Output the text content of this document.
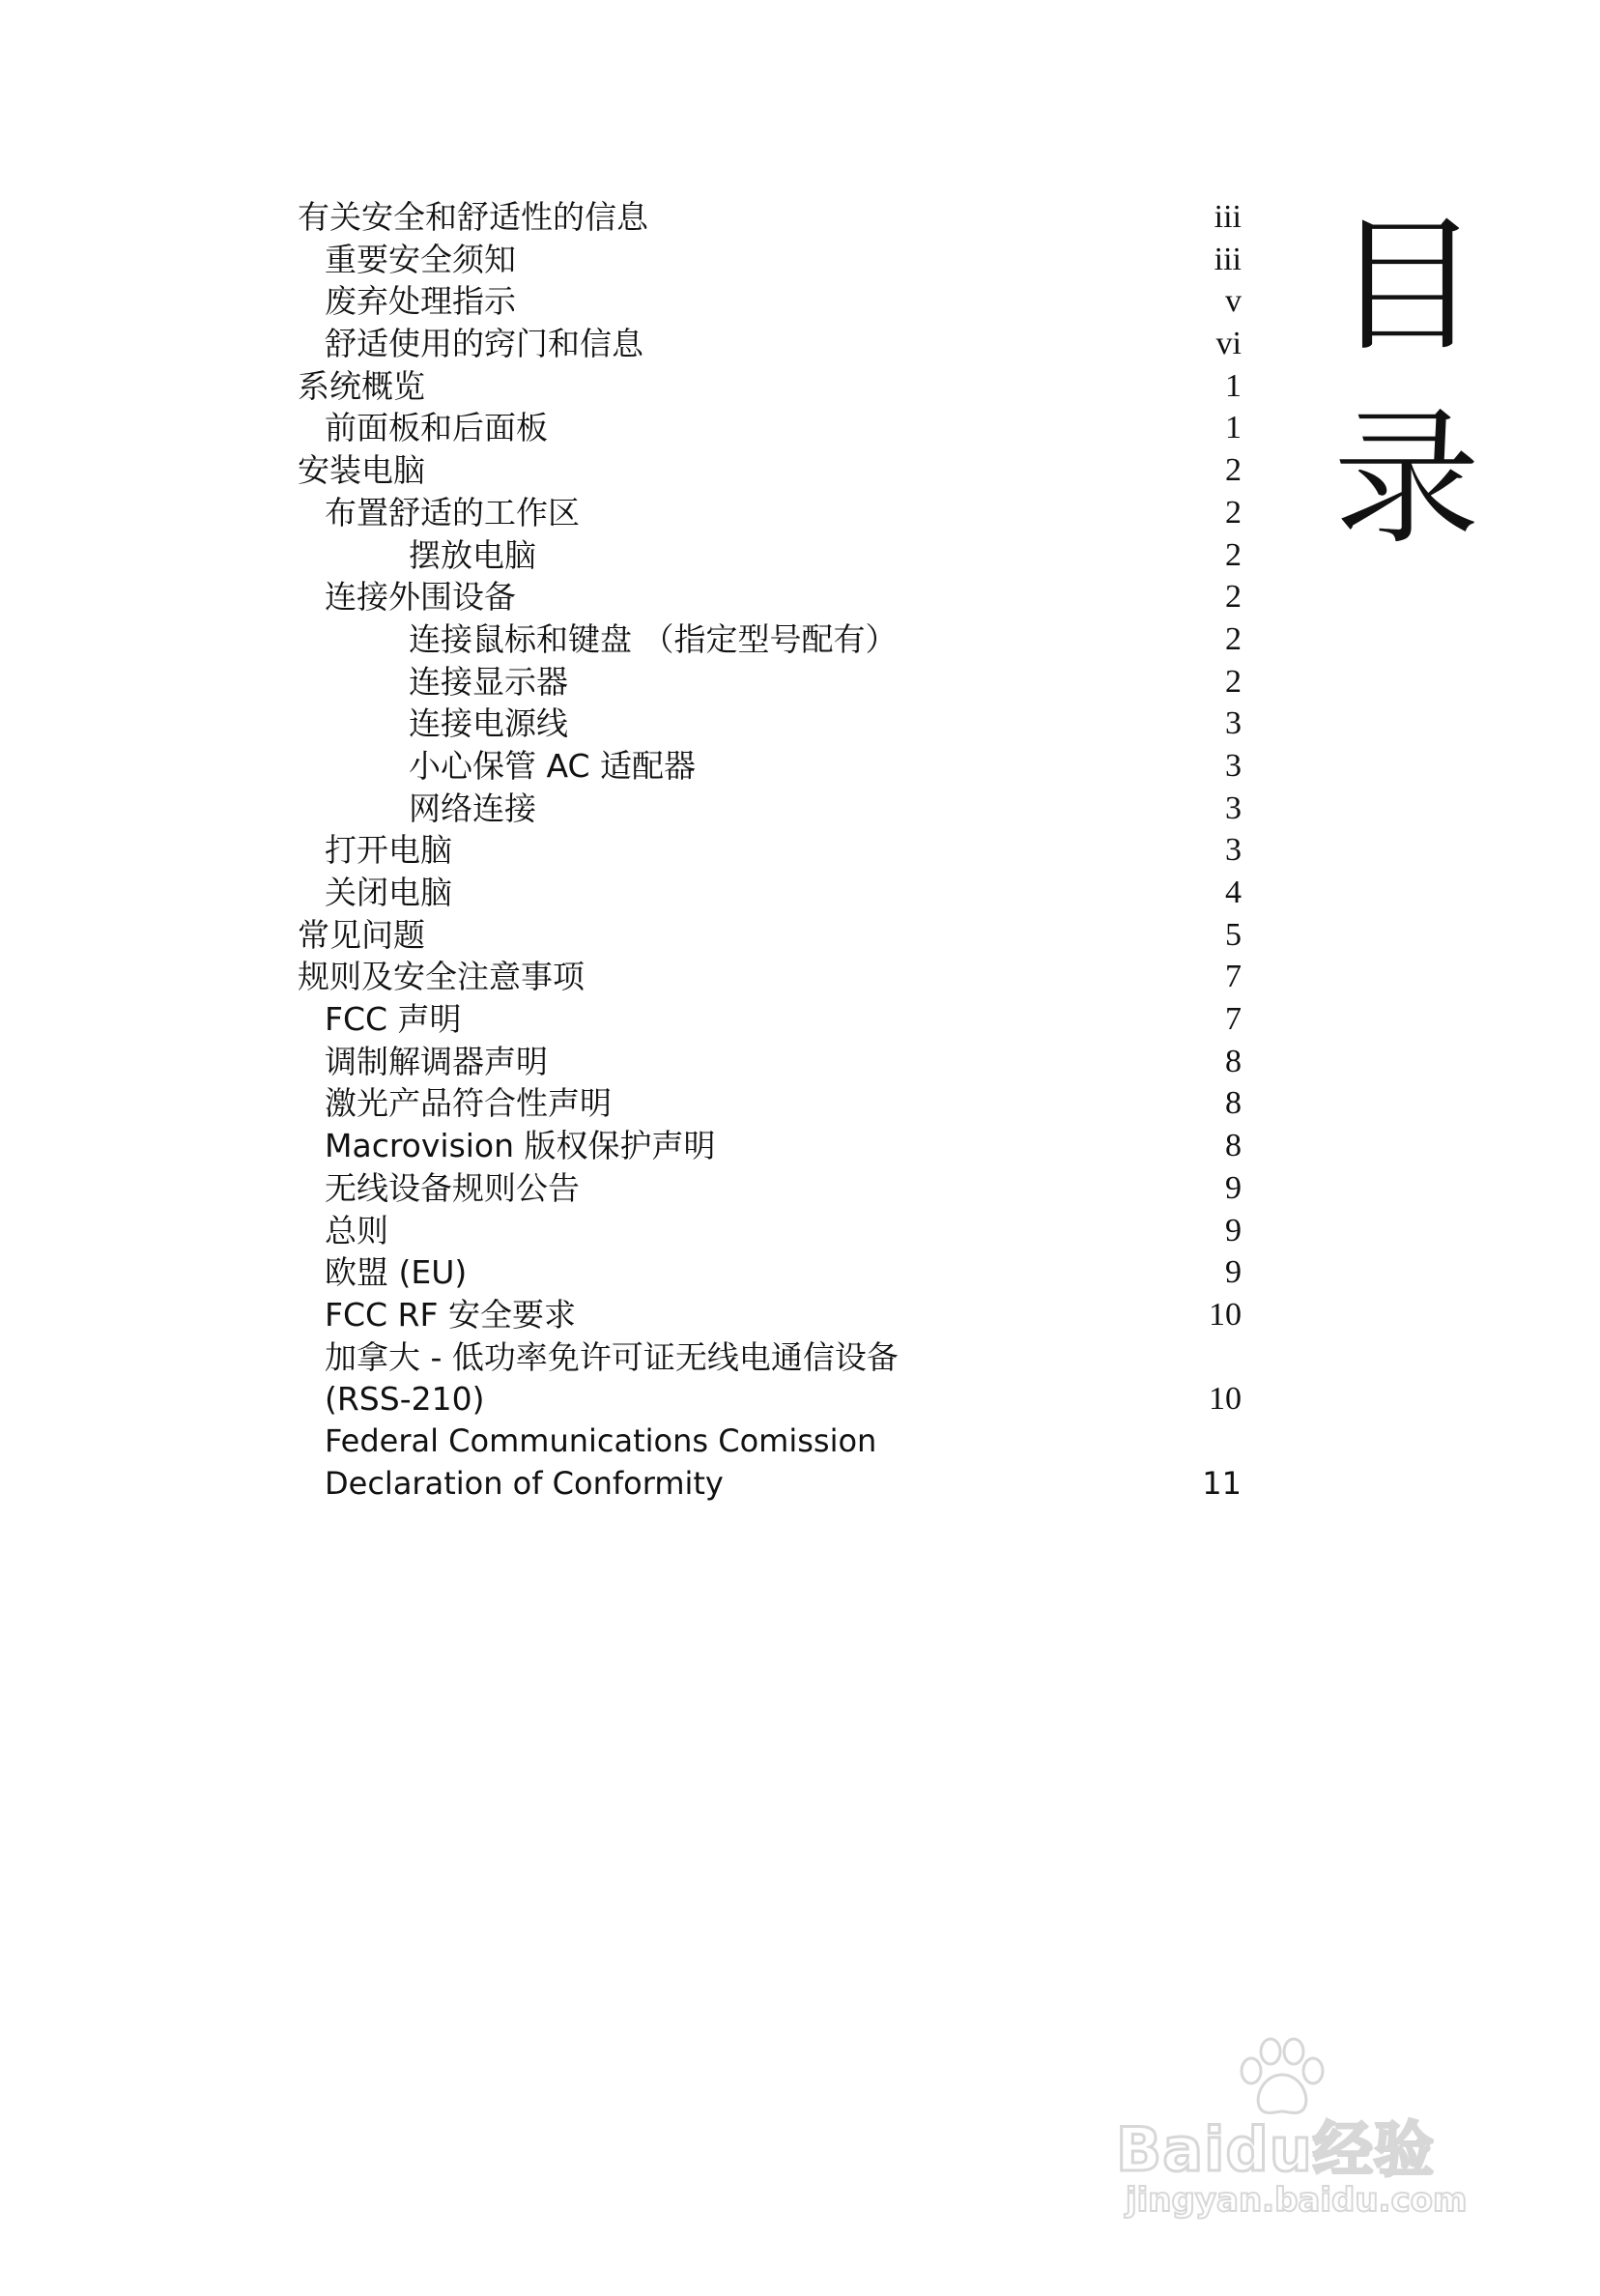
有关安全和舒适性的信息	iii
重要安全须知	iii
废弃处理指示	v
舒适使用的窍门和信息	vi
系统概览	1
前面板和后面板	1
安装电脑	2
布置舒适的工作区	2
摆放电脑	2
连接外围设备	2
连接鼠标和键盘 （指定型号配有）	2
连接显示器	2
连接电源线	3
小心保管 AC 适配器	3
网络连接	3
打开电脑	3
关闭电脑	4
常见问题	5
规则及安全注意事项	7
FCC 声明	7
调制解调器声明	8
激光产品符合性声明	8
Macrovision 版权保护声明	8
无线设备规则公告	9
总则	9
欧盟 (EU)	9
FCC RF 安全要求	10
加拿大 - 低功率免许可证无线电通信设备
(RSS-210)	10
Federal Communications Comission
Declaration of Conformity	11
目
录
Baidu经验
jingyan.baidu.com
